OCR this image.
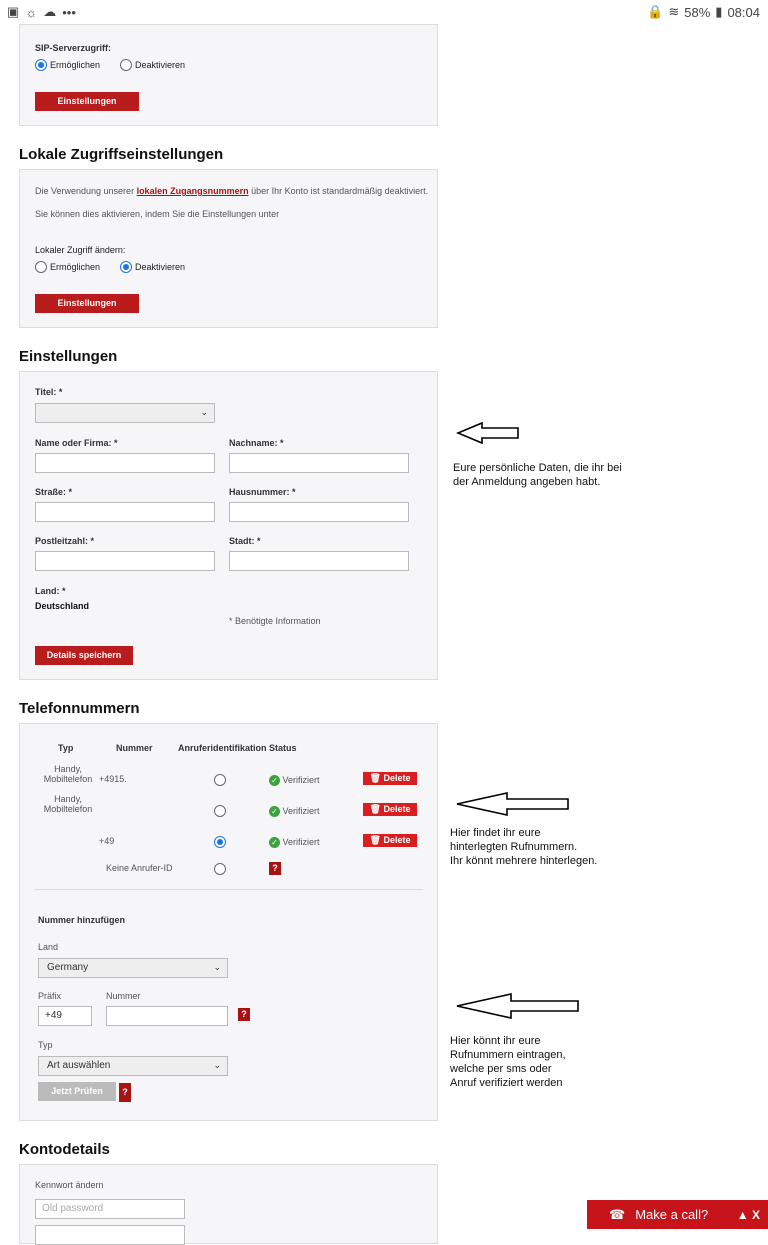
▣ ☼ ☁ •••	🔒 ≋ 58% ▮ 08:04
SIP-Serverzugriff:
Ermöglichen	Deaktivieren
Einstellungen
Lokale Zugriffseinstellungen
Die Verwendung unserer lokalen Zugangsnummern über Ihr Konto ist standardmäßig deaktiviert.
Sie können dies aktivieren, indem Sie die Einstellungen unter
Lokaler Zugriff ändern:
Ermöglichen	Deaktivieren
Einstellungen
Einstellungen
Titel: *
⌄
Name oder Firma: *	Nachname: *
Straße: *	Hausnummer: *
Postleitzahl: *	Stadt: *
Land: *
Deutschland
* Benötigte Information
Details speichern
Eure persönliche Daten, die ihr bei der Anmeldung angeben habt.
Telefonnummern
Typ	Nummer	Anruferidentifikation Status
Handy, Mobiltelefon +4915.	✓ Verifiziert	🗑 Delete
Handy, Mobiltelefon	✓ Verifiziert	🗑 Delete
+49	✓ Verifiziert	🗑 Delete
Keine Anrufer-ID	?
Nummer hinzufügen
Land
Germany	⌄
Präfix	Nummer
+49	?
Typ
Art auswählen	⌄
Jetzt Prüfen	?
Hier findet ihr eure
hinterlegten Rufnummern.
Ihr könnt mehrere hinterlegen.
Hier könnt ihr eure
Rufnummern eintragen,
welche per sms oder
Anruf verifiziert werden
Kontodetails
Kennwort ändern
Old password	☎ Make a call? ▲ X
